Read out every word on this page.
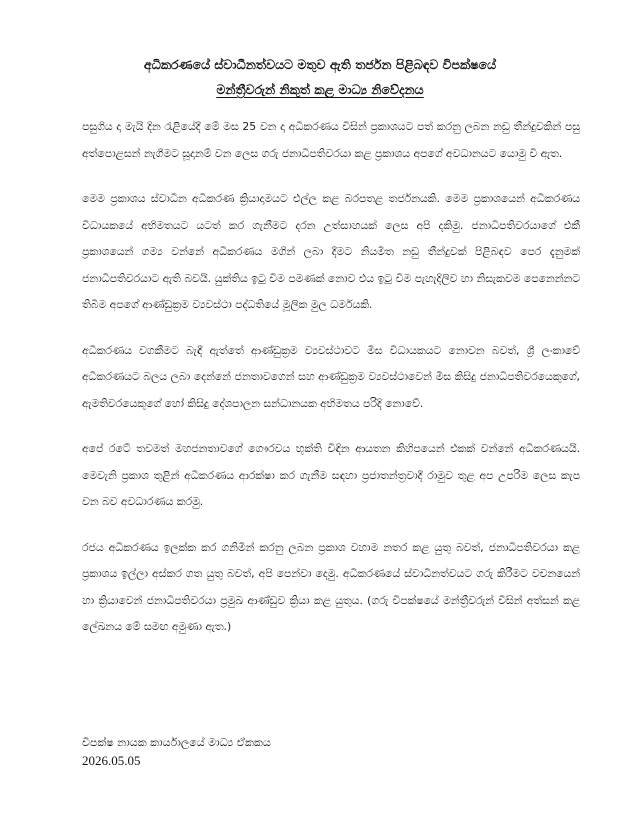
අධිකරණයේ ස්වාධීනත්වයට මතුව ඇති තර්ජන පිළිබඳව විපක්ෂයේ
මන්ත්‍රීවරුන් නිකුත් කළ මාධ්‍ය නිවේදනය

පසුගිය දා මැයි දින රැළියේදී මේ මස 25 වන දා අධිකරණය විසින් ප්‍රකාශයට පත් කරනු ලබන නඩු තීන්දුවකින් පසු අත්පොළසන් නැගීමට සූදානම් වන ලෙස ගරු ජනාධිපතිවරයා කළ ප්‍රකාශය අපගේ අවධානයට යොමු වී ඇත.

මෙම ප්‍රකාශය ස්වාධීන අධිකරණ ක්‍රියාදාමයට එල්ල කළ බරපතළ තර්ජනයකි. මෙම ප්‍රකාශයෙන් අධිකරණය විධායකයේ අභිමතයට යටත් කර ගැනීමට දරන උත්සාහයක් ලෙස අපි දකිමු. ජනාධිපතිවරයාගේ එකී ප්‍රකාශයෙන් ගම්‍ය වන්නේ අධිකරණය මගින් ලබා දීමට නියමිත නඩු තීන්දුවක් පිළිබඳව පෙර දැනුමක් ජනාධිපතිවරයාට ඇති බවයි. යුක්තිය ඉටු වීම පමණක් නොව එය ඉටු වීම පැහැදිලිව හා නිසැකවම පෙනෙන්නට තිබීම අපගේ ආණ්ඩුක්‍රම ව්‍යවස්ථා පද්ධතියේ මූලික මුල ධර්මයකි.

අධිකරණය වගකීමට බැඳී ඇත්තේ ආණ්ඩුක්‍රම ව්‍යවස්ථාවට මිස විධායකයට නොවන බවත්, ශ්‍රී ලංකාවේ අධිකරණයට බලය ලබා දෙන්නේ ජනතාවගෙන් සහ ආණ්ඩුක්‍රම ව්‍යවස්ථාවෙන් මිස කිසිදු ජනාධිපතිවරයෙකුගේ, ඇමතිවරයෙකුගේ හෝ කිසිදු දේශපාලන සන්ධානයක අභිමතය පරිදි නොවේ.

අපේ රටේ තවමත් මහජනතාවගේ ගෞරවය භුක්ති විඳින ආයතන කිහිපයෙන් එකක් වන්නේ අධිකරණයයි. මෙවැනි ප්‍රකාශ තුළින් අධිකරණය ආරක්ෂා කර ගැනීම සඳහා ප්‍රජාතන්ත්‍රවාදී රාමුව තුළ අප උපරිම ලෙස කැප වන බව අවධාරණය කරමු.

රජය අධිකරණය ඉලක්ක කර ගනිමින් කරනු ලබන ප්‍රකාශ වහාම නතර කළ යුතු බවත්, ජනාධිපතිවරයා කළ ප්‍රකාශය ඉල්ලා අස්කර ගත යුතු බවත්, අපි පෙන්වා දෙමු. අධිකරණයේ ස්වාධීනත්වයට ගරු කිරීමට වචනයෙන් හා ක්‍රියාවෙන් ජනාධිපතිවරයා ප්‍රමුඛ ආණ්ඩුව ක්‍රියා කළ යුතුය. (ගරු විපක්ෂයේ මන්ත්‍රීවරුන් විසින් අත්සන් කළ ලේඛනය මේ සමඟ අමුණා ඇත.)

විපක්ෂ නායක කාර්යාලයේ මාධ්‍ය ඒකකය
2026.05.05
